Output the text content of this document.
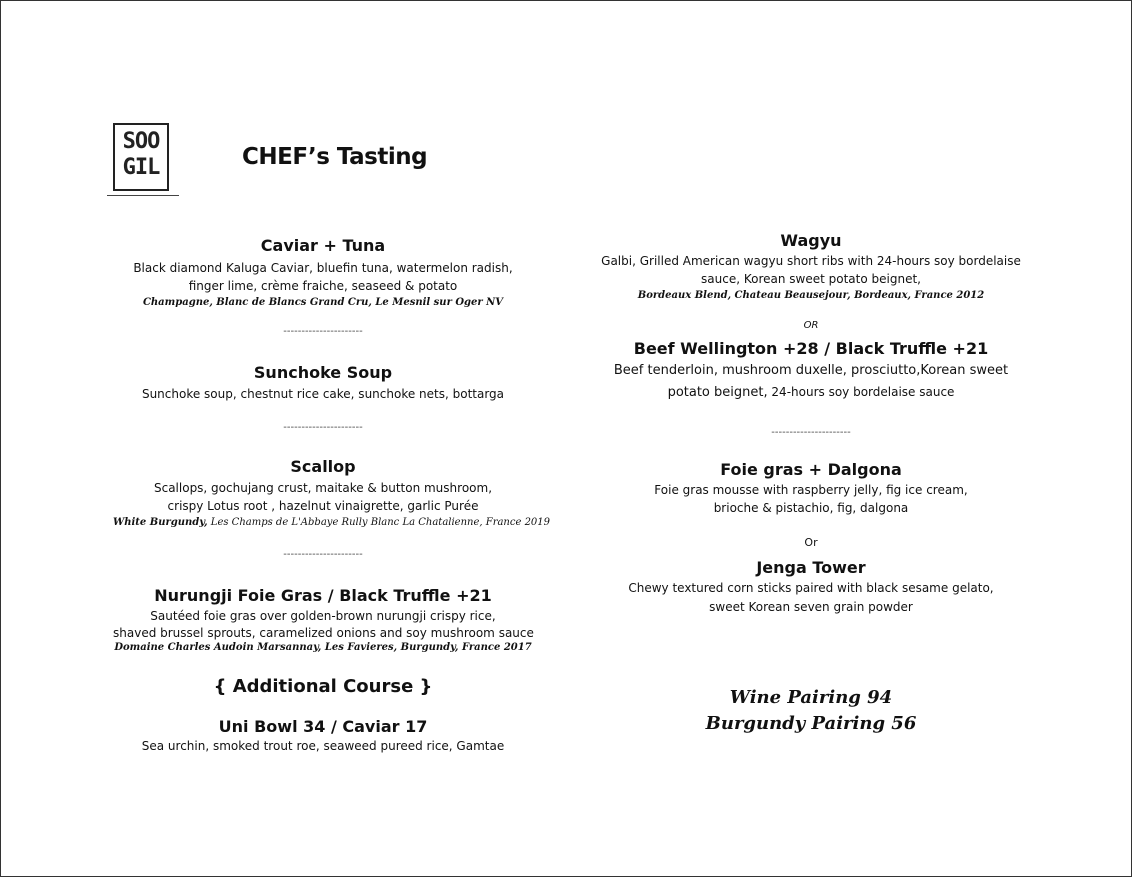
SOO
GIL	CHEF’s Tasting
Caviar + Tuna
Black diamond Kaluga Caviar, bluefin tuna, watermelon radish,
finger lime, crème fraiche, seaseed & potato
Champagne, Blanc de Blancs Grand Cru, Le Mesnil sur Oger NV
----------------------
Sunchoke Soup
Sunchoke soup, chestnut rice cake, sunchoke nets, bottarga
----------------------
Scallop
Scallops, gochujang crust, maitake & button mushroom,
crispy Lotus root , hazelnut vinaigrette, garlic Purée
White Burgundy, Les Champs de L'Abbaye Rully Blanc La Chatalienne, France 2019
----------------------
Nurungji Foie Gras / Black Truffle +21
Sautéed foie gras over golden-brown nurungji crispy rice,
shaved brussel sprouts, caramelized onions and soy mushroom sauce
Domaine Charles Audoin Marsannay, Les Favieres, Burgundy, France 2017
{ Additional Course }
Uni Bowl 34 / Caviar 17
Sea urchin, smoked trout roe, seaweed pureed rice, Gamtae
Wagyu
Galbi, Grilled American wagyu short ribs with 24-hours soy bordelaise
sauce, Korean sweet potato beignet,
Bordeaux Blend, Chateau Beausejour, Bordeaux, France 2012
OR
Beef Wellington +28 / Black Truffle +21
Beef tenderloin, mushroom duxelle, prosciutto,Korean sweet
potato beignet, 24-hours soy bordelaise sauce
----------------------
Foie gras + Dalgona
Foie gras mousse with raspberry jelly, fig ice cream,
brioche & pistachio, fig, dalgona
Or
Jenga Tower
Chewy textured corn sticks paired with black sesame gelato,
sweet Korean seven grain powder
Wine Pairing 94
Burgundy Pairing 56
